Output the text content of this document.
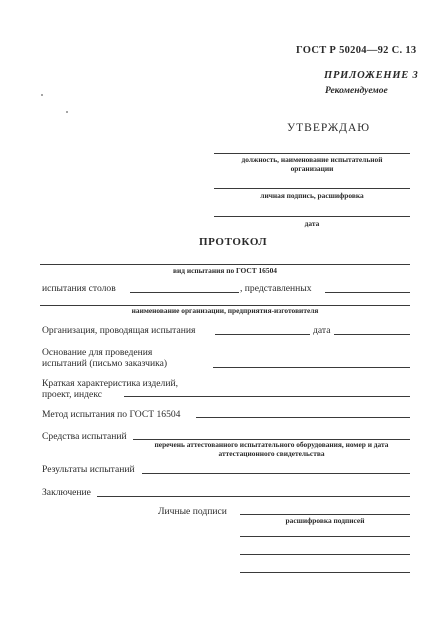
ГОСТ Р 50204—92 С. 13
ПРИЛОЖЕНИЕ 3
Рекомендуемое
УТВЕРЖДАЮ
должность, наименование испытательной
организации
личная подпись, расшифровка
дата
ПРОТОКОЛ
вид испытания по ГОСТ 16504
испытания столов	, представленных
наименование организации, предприятия-изготовителя
Организация, проводящая испытания	дата
Основание для проведения
испытаний (письмо заказчика)
Краткая характеристика изделий,
проект, индекс
Метод испытания по ГОСТ 16504
Средства испытаний
перечень аттестованного испытательного оборудования, номер и дата
аттестационного свидетельства
Результаты испытаний
Заключение
Личные подписи
расшифровка подписей
